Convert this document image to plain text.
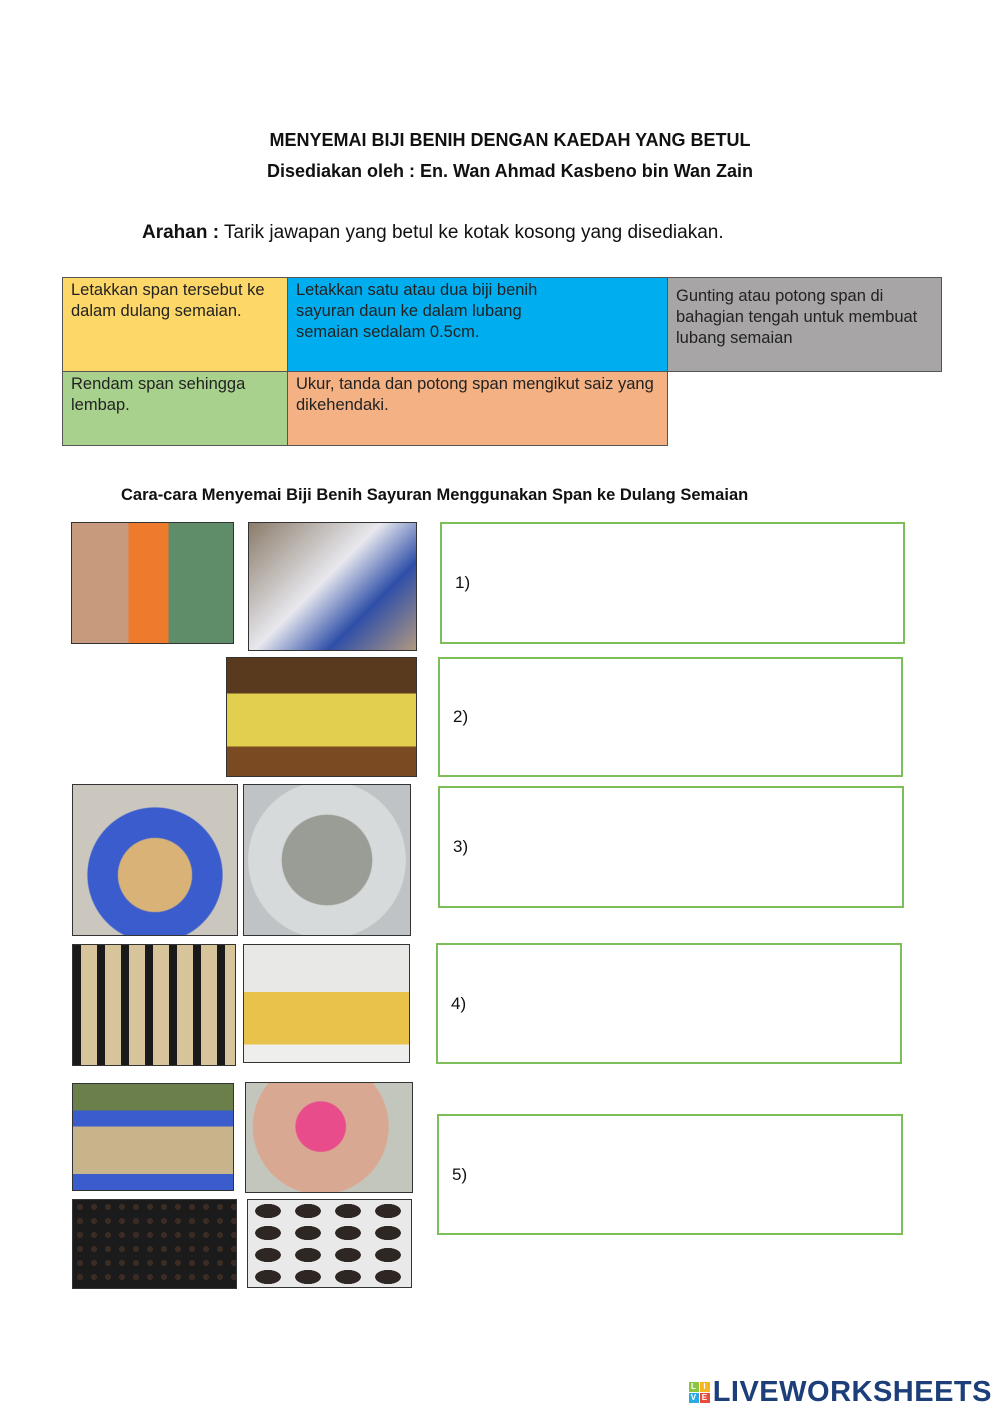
MENYEMAI BIJI BENIH DENGAN KAEDAH YANG BETUL
Disediakan oleh : En. Wan Ahmad Kasbeno bin Wan Zain
Arahan : Tarik jawapan yang betul ke kotak kosong yang disediakan.
Letakkan span tersebut ke dalam dulang semaian.
Letakkan satu atau dua biji benih sayuran daun ke dalam lubang semaian sedalam 0.5cm.
Gunting atau potong span di bahagian tengah untuk membuat lubang semaian
Rendam span sehingga lembap.
Ukur, tanda dan potong span mengikut saiz yang dikehendaki.
Cara-cara Menyemai Biji Benih Sayuran Menggunakan Span ke Dulang Semaian
1)
2)
3)
4)
5)
L I
V E LIVEWORKSHEETS
